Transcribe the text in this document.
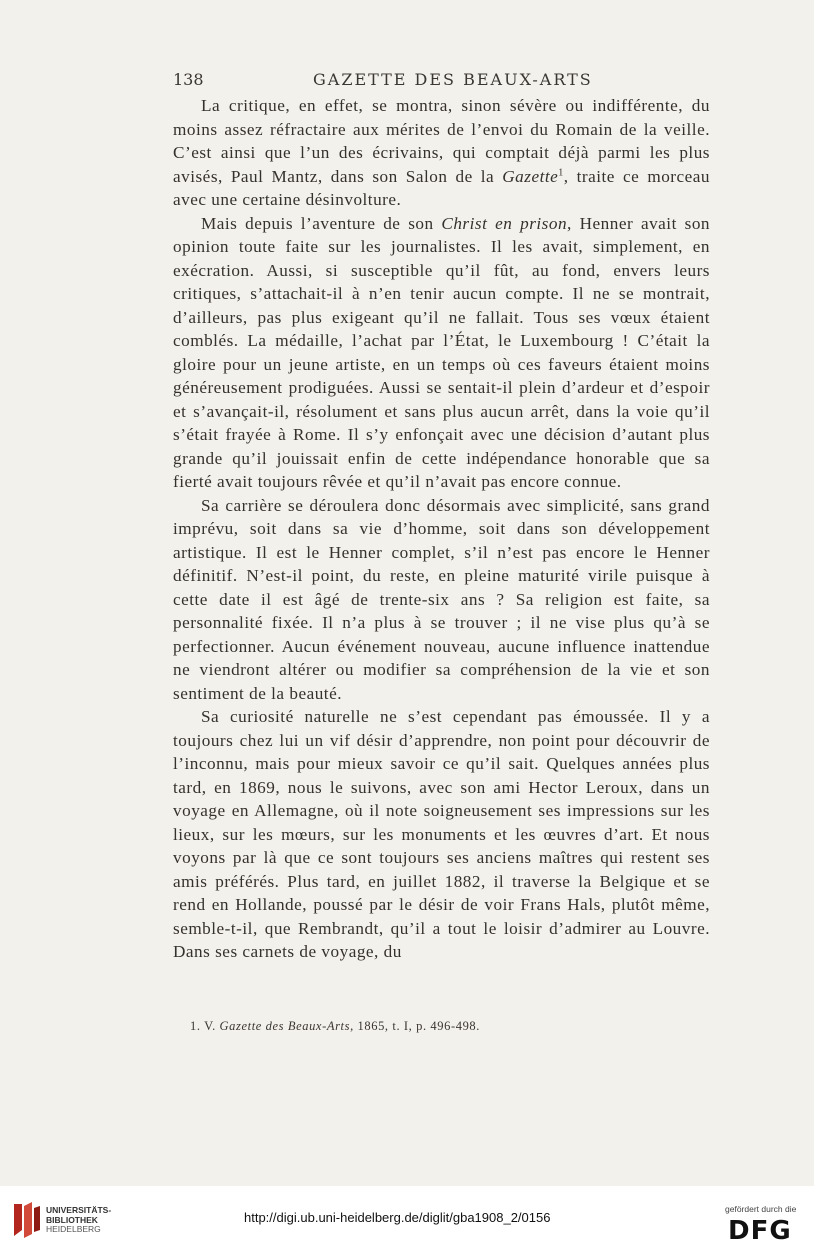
138	GAZETTE DES BEAUX-ARTS

La critique, en effet, se montra, sinon sévère ou indifférente, du moins assez réfractaire aux mérites de l’envoi du Romain de la veille. C’est ainsi que l’un des écrivains, qui comptait déjà parmi les plus avisés, Paul Mantz, dans son Salon de la Gazette$^1$, traite ce morceau avec une certaine désinvolture.

Mais depuis l’aventure de son Christ en prison, Henner avait son opinion toute faite sur les journalistes. Il les avait, simplement, en exécration. Aussi, si susceptible qu’il fût, au fond, envers leurs critiques, s’attachait-il à n’en tenir aucun compte. Il ne se montrait, d’ailleurs, pas plus exigeant qu’il ne fallait. Tous ses vœux étaient comblés. La médaille, l’achat par l’État, le Luxembourg ! C’était la gloire pour un jeune artiste, en un temps où ces faveurs étaient moins généreusement prodiguées. Aussi se sentait-il plein d’ardeur et d’espoir et s’avançait-il, résolument et sans plus aucun arrêt, dans la voie qu’il s’était frayée à Rome. Il s’y enfonçait avec une décision d’autant plus grande qu’il jouissait enfin de cette indépendance honorable que sa fierté avait toujours rêvée et qu’il n’avait pas encore connue.

Sa carrière se déroulera donc désormais avec simplicité, sans grand imprévu, soit dans sa vie d’homme, soit dans son développement artistique. Il est le Henner complet, s’il n’est pas encore le Henner définitif. N’est-il point, du reste, en pleine maturité virile puisque à cette date il est âgé de trente-six ans ? Sa religion est faite, sa personnalité fixée. Il n’a plus à se trouver ; il ne vise plus qu’à se perfectionner. Aucun événement nouveau, aucune influence inattendue ne viendront altérer ou modifier sa compréhension de la vie et son sentiment de la beauté.

Sa curiosité naturelle ne s’est cependant pas émoussée. Il y a toujours chez lui un vif désir d’apprendre, non point pour découvrir de l’inconnu, mais pour mieux savoir ce qu’il sait. Quelques années plus tard, en 1869, nous le suivons, avec son ami Hector Leroux, dans un voyage en Allemagne, où il note soigneusement ses impressions sur les lieux, sur les mœurs, sur les monuments et les œuvres d’art. Et nous voyons par là que ce sont toujours ses anciens maîtres qui restent ses amis préférés. Plus tard, en juillet 1882, il traverse la Belgique et se rend en Hollande, poussé par le désir de voir Frans Hals, plutôt même, semble-t-il, que Rembrandt, qu’il a tout le loisir d’admirer au Louvre. Dans ses carnets de voyage, du

1. V. Gazette des Beaux-Arts, 1865, t. I, p. 496-498.
UNIVERSITÄTS-
BIBLIOTHEK
HEIDELBERG
http://digi.ub.uni-heidelberg.de/diglit/gba1908_2/0156
gefördert durch die
DFG
